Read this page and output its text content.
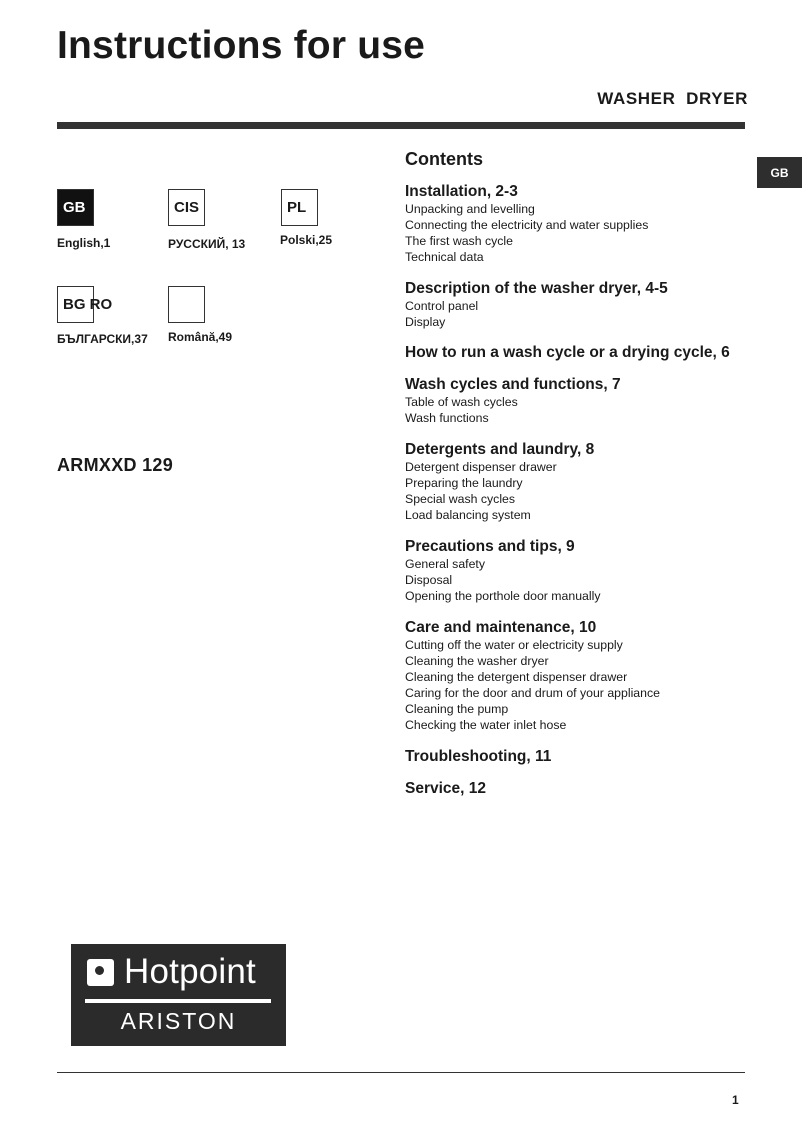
Instructions for use
WASHER  DRYER
GB
GB
English,1
CIS
РУССКИЙ, 13
PL
Polski,25
BG RO
БЪЛГАРСКИ,37 Română,49
ARMXXD 129
Contents
Installation, 2-3
Unpacking and levelling
Connecting the electricity and water supplies
The first wash cycle
Technical data
Description of the washer dryer, 4-5
Control panel
Display
How to run a wash cycle or a drying cycle, 6
Wash cycles and functions, 7
Table of wash cycles
Wash functions
Detergents and laundry, 8
Detergent dispenser drawer
Preparing the laundry
Special wash cycles
Load balancing system
Precautions and tips, 9
General safety
Disposal
Opening the porthole door manually
Care and maintenance, 10
Cutting off the water or electricity supply
Cleaning the washer dryer
Cleaning the detergent dispenser drawer
Caring for the door and drum of your appliance
Cleaning the pump
Checking the water inlet hose
Troubleshooting, 11
Service, 12
Hotpoint
ARISTON
1
